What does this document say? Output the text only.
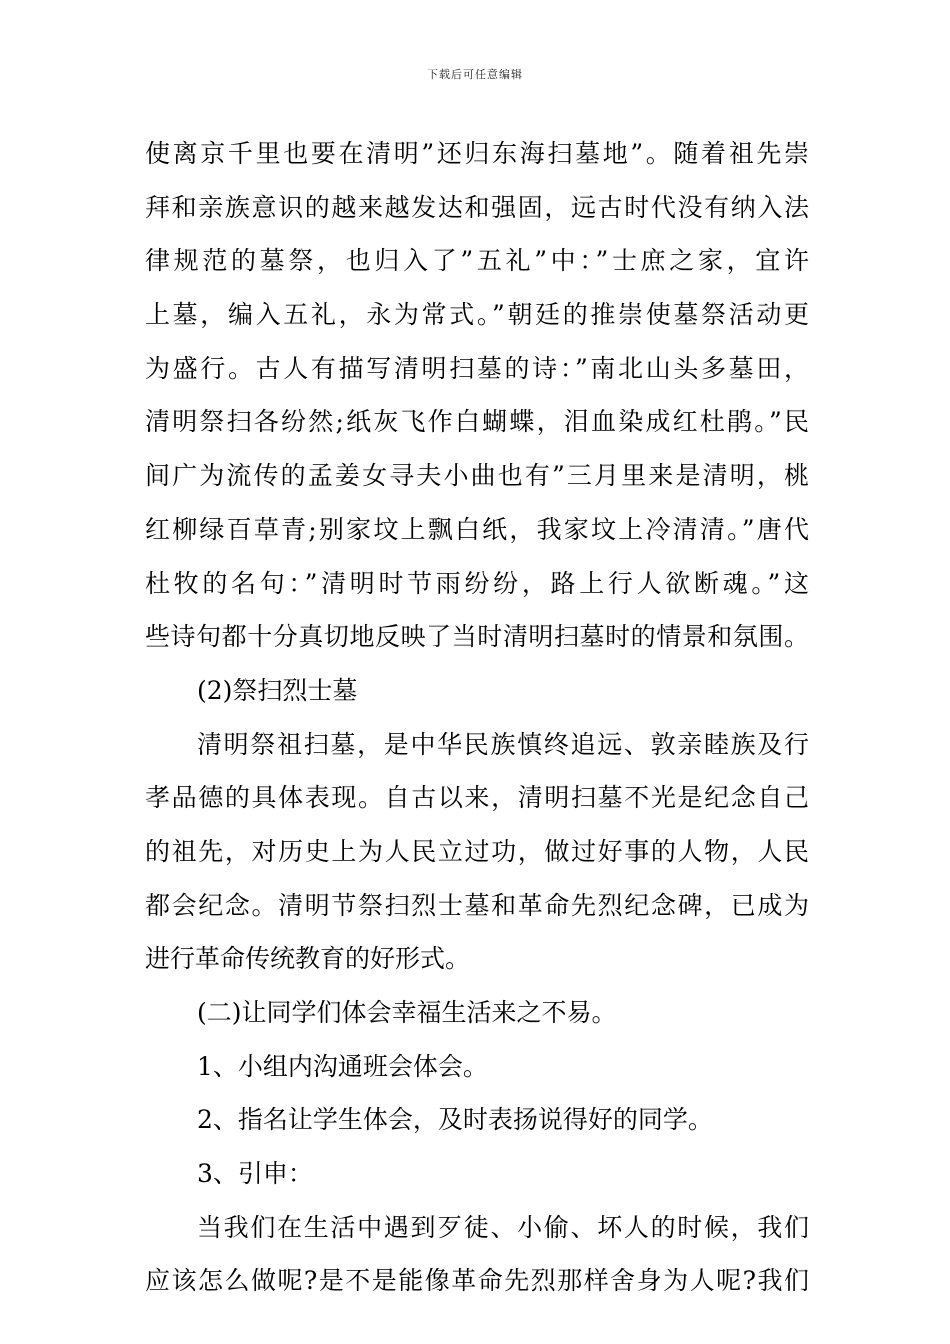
下载后可任意编辑
使离京千里也要在清明”还归东海扫墓地”。随着祖先崇
拜和亲族意识的越来越发达和强固，远古时代没有纳入法
律规范的墓祭，也归入了”五礼”中：”士庶之家，宜许
上墓，编入五礼，永为常式。”朝廷的推崇使墓祭活动更
为盛行。古人有描写清明扫墓的诗：”南北山头多墓田，
清明祭扫各纷然;纸灰飞作白蝴蝶，泪血染成红杜鹃。”民
间广为流传的孟姜女寻夫小曲也有”三月里来是清明，桃
红柳绿百草青;别家坟上飘白纸，我家坟上冷清清。”唐代
杜牧的名句：”清明时节雨纷纷，路上行人欲断魂。”这
些诗句都十分真切地反映了当时清明扫墓时的情景和氛围。
(2)祭扫烈士墓
清明祭祖扫墓，是中华民族慎终追远、敦亲睦族及行
孝品德的具体表现。自古以来，清明扫墓不光是纪念自己
的祖先，对历史上为人民立过功，做过好事的人物，人民
都会纪念。清明节祭扫烈士墓和革命先烈纪念碑，已成为
进行革命传统教育的好形式。
(二)让同学们体会幸福生活来之不易。
1、小组内沟通班会体会。
2、指名让学生体会，及时表扬说得好的同学。
3、引申：
当我们在生活中遇到歹徒、小偷、坏人的时候，我们
应该怎么做呢?是不是能像革命先烈那样舍身为人呢?我们
